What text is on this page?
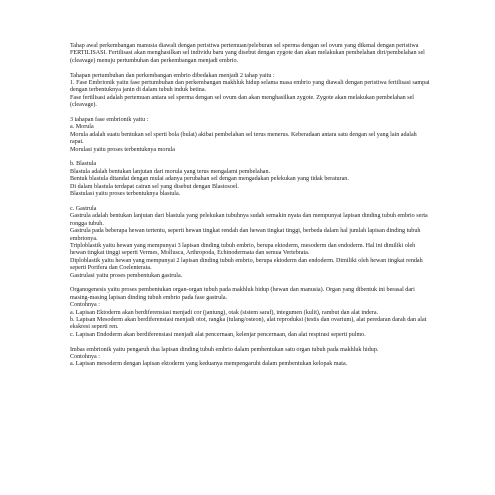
Tahap awal perkembangan manusia diawali dengan peristiwa pertemuan/peleburan sel sperma dengan sel ovum yang dikenal dengan peristiwa FERTILISASI. Fertilisasi akan menghasilkan sel individu baru yang disebut dengan zygote dan akan melakukan pembelahan diri/pembelahan sel (cleavage) menuju pertumbuhan dan perkembangan menjadi embrio.

Tahapan pertumbuhan dan perkembangan embrio dibedakan menjadi 2 tahap yaitu :
1. Fase Embrionik yaitu fase pertumbuhan dan perkembangan makhluk hidup selama masa embrio yang diawali dengan peristiwa fertilisasi sampai dengan terbentuknya janin di dalam tubuh induk betina.
Fase fertilisasi adalah pertemuan antara sel sperma dengan sel ovum dan akan menghasilkan zygote. Zygote akan melakukan pembelahan sel (cleavage).

3 tahapan fase embrionik yaitu :
a. Morula
Morula adalah suatu bentukan sel sperti bola (bulat) akibat pembelahan sel terus menerus. Keberadaan antara satu dengan sel yang lain adalah rapat.
Morulasi yaitu proses terbentuknya morula

b. Blastula
Blastula adalah bentukan lanjutan dari morula yang terus mengalami pembelahan.
Bentuk blastula ditandai dengan mulai adanya perubahan sel dengan mengadakan pelekukan yang tidak beraturan.
Di dalam blastula terdapat cairan sel yang disebut dengan Blastosoel.
Blastulasi yaitu proses terbentuknya blastula.

c. Gastrula
Gastrula adalah bentukan lanjutan dari blastula yang pelekukan tubuhnya sudah semakin nyata dan mempunyai lapisan dinding tubuh embrio serta rongga tubuh.
Gastrula pada beberapa hewan tertentu, seperti hewan tingkat rendah dan hewan tingkat tinggi, berbeda dalam hal jumlah lapisan dinding tubuh embrionya.
Triploblastik yaitu hewan yang mempunyai 3 lapisan dinding tubuh embrio, berupa ektoderm, mesoderm dan endoderm. Hal ini dimiliki oleh hewan tingkat tinggi seperti Vermes, Mollusca, Arthropoda, Echinodermata dan semua Vertebrata.
Diploblastik yaitu hewan yang mempunyai 2 lapisan dinding tubuh embrio, berupa ektoderm dan endoderm. Dimiliki oleh hewan tingkat rendah seperti Porifera dan Coelenterata.
Gastrulasi yaitu proses pembentukan gastrula.

Organogenesis yaitu proses pembentukan organ-organ tubuh pada makhluk hidup (hewan dan manusia). Organ yang dibentuk ini berasal dari masing-masing lapisan dinding tubuh embrio pada fase gastrula.
Contohnya :
a. Lapisan Ektoderm akan berdiferensiasi menjadi cor (jantung), otak (sistem saraf), integumen (kulit), rambut dan alat indera.
b. Lapisan Mesoderm akan berdiferensiasi menjadi otot, rangka (tulang/osteon), alat reproduksi (testis dan ovarium), alat peredaran darah dan alat ekskresi seperti ren.
c. Lapisan Endoderm akan berdiferensiasi menjadi alat pencernaan, kelenjar pencernaan, dan alat respirasi seperti pulmo.

Imbas embrionik yaitu pengaruh dua lapisan dinding tubuh embrio dalam pembentukan satu organ tubuh pada makhluk hidup.
Contohnya :
a. Lapisan mesoderm dengan lapisan ektoderm yang keduanya mempengaruhi dalam pembentukan kelopak mata.
